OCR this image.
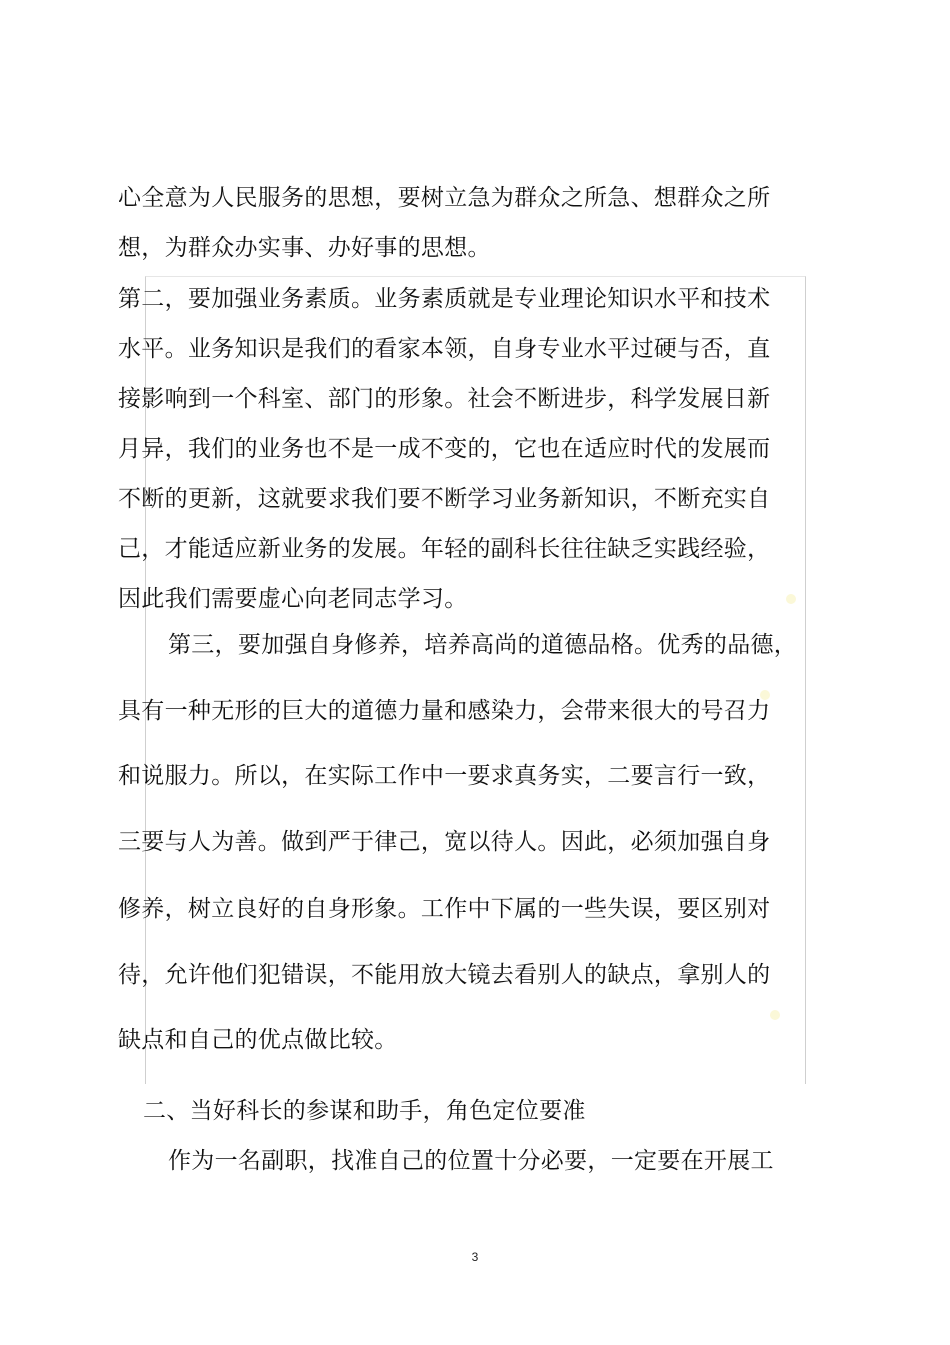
心全意为人民服务的思想，要树立急为群众之所急、想群众之所
想，为群众办实事、办好事的思想。
第二，要加强业务素质。业务素质就是专业理论知识水平和技术
水平。业务知识是我们的看家本领，自身专业水平过硬与否，直
接影响到一个科室、部门的形象。社会不断进步，科学发展日新
月异，我们的业务也不是一成不变的，它也在适应时代的发展而
不断的更新，这就要求我们要不断学习业务新知识，不断充实自
己，才能适应新业务的发展。年轻的副科长往往缺乏实践经验，
因此我们需要虚心向老同志学习。
第三，要加强自身修养，培养高尚的道德品格。优秀的品德，
具有一种无形的巨大的道德力量和感染力，会带来很大的号召力
和说服力。所以，在实际工作中一要求真务实，二要言行一致，
三要与人为善。做到严于律己，宽以待人。因此，必须加强自身
修养，树立良好的自身形象。工作中下属的一些失误，要区别对
待，允许他们犯错误，不能用放大镜去看别人的缺点，拿别人的
缺点和自己的优点做比较。
二、当好科长的参谋和助手，角色定位要准
作为一名副职，找准自己的位置十分必要，一定要在开展工
3
